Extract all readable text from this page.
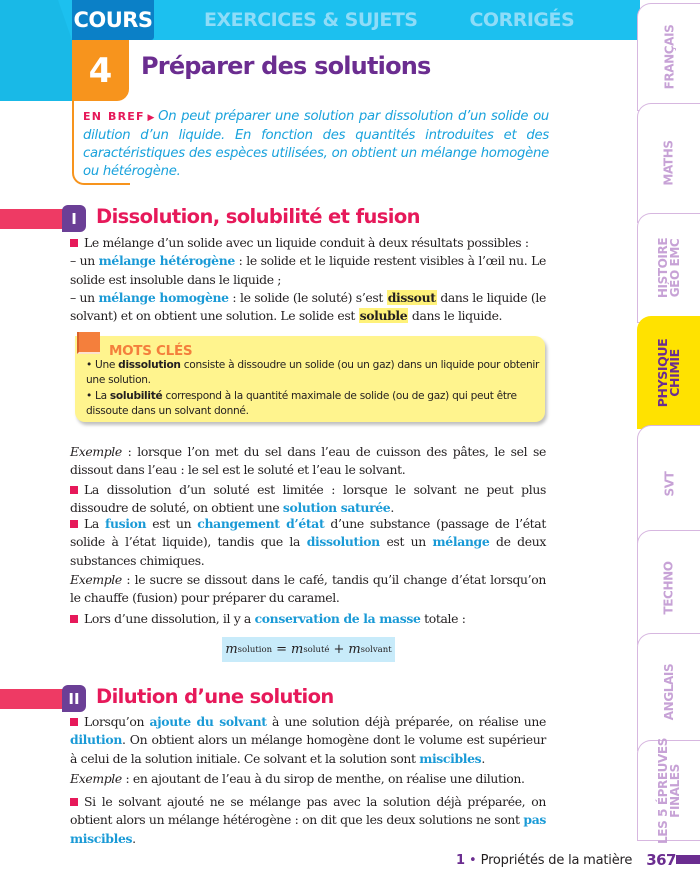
COURS	EXERCICES & SUJETS	CORRIGÉS
4	Préparer des solutions
EN BREF ▶ On peut préparer une solution par dissolution d’un solide ou dilution d’un liquide. En fonction des quantités introduites et des caractéristiques des espèces utilisées, on obtient un mélange homogène ou hétérogène.
I Dissolution, solubilité et fusion
Le mélange d’un solide avec un liquide conduit à deux résultats possibles :
– un mélange hétérogène : le solide et le liquide restent visibles à l’œil nu. Le solide est insoluble dans le liquide ;
– un mélange homogène : le solide (le soluté) s’est dissout dans le liquide (le solvant) et on obtient une solution. Le solide est soluble dans le liquide.
MOTS CLÉS
• Une dissolution consiste à dissoudre un solide (ou un gaz) dans un liquide pour obtenir une solution.
• La solubilité correspond à la quantité maximale de solide (ou de gaz) qui peut être dissoute dans un solvant donné.
Exemple : lorsque l’on met du sel dans l’eau de cuisson des pâtes, le sel se dissout dans l’eau : le sel est le soluté et l’eau le solvant.
La dissolution d’un soluté est limitée : lorsque le solvant ne peut plus dissoudre de soluté, on obtient une solution saturée.
La fusion est un changement d’état d’une substance (passage de l’état solide à l’état liquide), tandis que la dissolution est un mélange de deux substances chimiques.
Exemple : le sucre se dissout dans le café, tandis qu’il change d’état lorsqu’on le chauffe (fusion) pour préparer du caramel.
Lors d’une dissolution, il y a conservation de la masse totale :
m solution = m soluté + m solvant
II Dilution d’une solution
Lorsqu’on ajoute du solvant à une solution déjà préparée, on réalise une dilution. On obtient alors un mélange homogène dont le volume est supérieur à celui de la solution initiale. Ce solvant et la solution sont miscibles.
Exemple : en ajoutant de l’eau à du sirop de menthe, on réalise une dilution.
Si le solvant ajouté ne se mélange pas avec la solution déjà préparée, on obtient alors un mélange hétérogène : on dit que les deux solutions ne sont pas miscibles.
1 • Propriétés de la matière 367
FRANÇAIS
MATHS
HISTOIRE
GÉO EMC
PHYSIQUE
CHIMIE
SVT
TECHNO
ANGLAIS
LES 5 ÉPREUVES
FINALES
